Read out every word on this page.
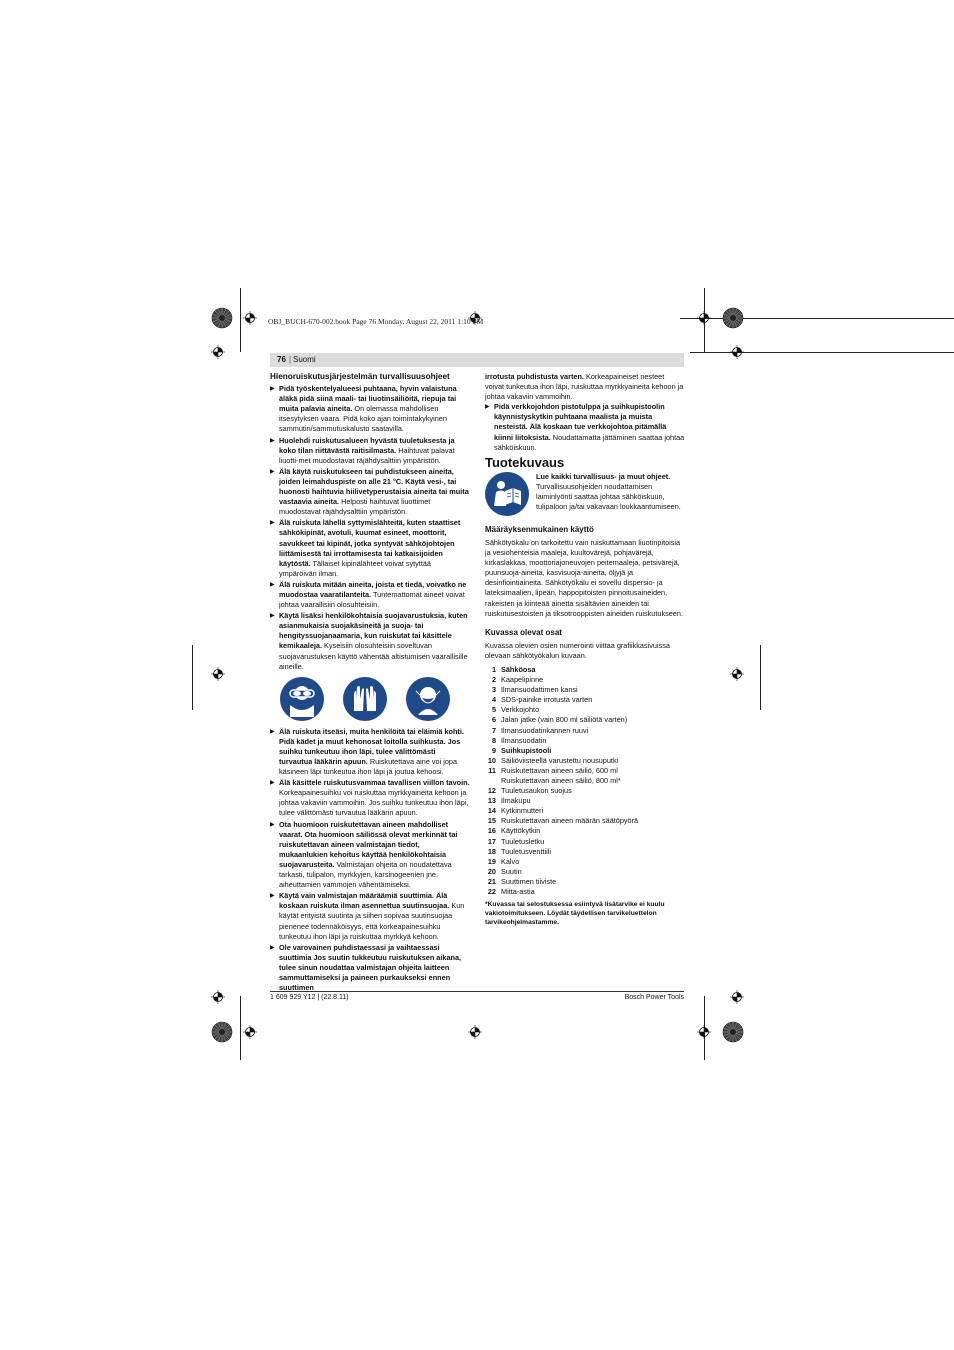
OBJ_BUCH-670-002.book Page 76 Monday, August 22, 2011 1:10 PM
76 | Suomi
Hienoruiskutusjärjestelmän turvallisuusohjeet
▶ Pidä työskentelyalueesi puhtaana, hyvin valaistuna äläkä pidä siinä maali- tai liuotinsäiliöitä, riepuja tai muita palavia aineita. On olemassa mahdollisen itsesytyksen vaara. Pidä koko ajan toimintakykyinen sammutin/sammutuskalusto saatavilla.
▶ Huolehdi ruiskutusalueen hyvästä tuuletuksesta ja koko tilan riittävästä raitisilmasta. Haihtuvat palavat liuotti-met muodostavat räjähdysalttiin ympäristön.
▶ Älä käytä ruiskutukseen tai puhdistukseen aineita, joiden leimahduspiste on alle 21 °C. Käytä vesi-, tai huonosti haihtuvia hiilivetyperustaisia aineita tai muita vastaavia aineita. Helposti haihtuvat liuottimet muodostavat räjähdysalttiin ympäristön.
▶ Älä ruiskuta lähellä syttymislähteitä, kuten staattiset sähkökipinät, avotuli, kuumat esineet, moottorit, savukkeet tai kipinät, jotka syntyvät sähköjohtojen liittämisestä tai irrottamisesta tai katkaisijoiden käytöstä. Tällaiset kipinälähteet voivat sytyttää ympäröivän ilman.
▶ Älä ruiskuta mitään aineita, joista et tiedä, voivatko ne muodostaa vaaratilanteita. Tuntemattomat aineet voivat johtaa vaarallisiin olosuhteisiin.
▶ Käytä lisäksi henkilökohtaisia suojavarustuksia, kuten asianmukaisia suojakäsineitä ja suoja- tai hengityssuojanaamaria, kun ruiskutat tai käsittele kemikaaleja. Kyseisiin olosuhteisiin soveltuvan suojavarustuksen käyttö vähentää altistumisen vaarallisille aineille.
▶ Älä ruiskuta itseäsi, muita henkilöitä tai eläimiä kohti. Pidä kädet ja muut kehonosat loitolla suihkusta. Jos suihku tunkeutuu ihon läpi, tulee välittömästi turvautua lääkärin apuun. Ruiskutettava aine voi jopa käsineen läpi tunkeutua ihon läpi ja joutua kehoosi.
▶ Älä käsittele ruiskutusvammaa tavallisen viillon tavoin. Korkeapainesuihku voi ruiskuttaa myrkkyaineita kehoon ja johtaa vakaviin vammoihin. Jos suihku tunkeutuu ihon läpi, tulee välittömästi turvautua lääkärin apuun.
▶ Ota huomioon ruiskutettavan aineen mahdolliset vaarat. Ota huomioon säiliössä olevat merkinnät tai ruiskutettavan aineen valmistajan tiedot, mukaanlukien kehoitus käyttää henkilökohtaisia suojavarusteita. Valmistajan ohjeita on noudatettava tarkasti, tulipalon, myrkkyjen, karsinogeenien jne. aiheuttamien vammojen vähentämiseksi.
▶ Käytä vain valmistajan määräämiä suuttimia. Älä koskaan ruiskuta ilman asennettua suutinsuojaa. Kun käytät erityistä suutinta ja siihen sopivaa suutinsuojaa pienenee todennäköisyys, että korkeapainesuihku tunkeutuu ihon läpi ja ruiskuttaa myrkkyä kehoon.
▶ Ole varovainen puhdistaessasi ja vaihtaessasi suuttimia Jos suutin tukkeutuu ruiskutuksen aikana, tulee sinun noudattaa valmistajan ohjeita laitteen sammuttamiseksi ja paineen purkaukseksi ennen suuttimen
irrotusta puhdistusta varten. Korkeapaineiset nesteet voivat tunkeutua ihon läpi, ruiskuttaa myrkkyaineita kehoon ja johtaa vakaviin vammoihin.
▶ Pidä verkkojohdon pistotulppa ja suihkupistoolin käynnistyskytkin puhtaana maalista ja muista nesteistä. Älä koskaan tue verkkojohtoa pitämällä kiinni liitoksista. Noudattamatta jättäminen saattaa johtaa sähköiskuun.
Tuotekuvaus
Lue kaikki turvallisuus- ja muut ohjeet. Turvallisuusohjeiden noudattamisen laiminlyönti saattaa johtaa sähköiskuun, tulipaloon ja/tai vakavaan loukkaantumiseen.
Määräyksenmukainen käyttö
Sähkötyökalu on tarkoitettu vain ruiskuttamaan liuotinpitoisia ja vesiohenteisia maaleja, kuultovärejä, pohjavärejä, kirkaslakkaa, moottoriajoneuvojen peitemaaleja, petsivärejä, puunsuoja-aineita, kasvisuoja-aineita, öljyjä ja desinfiointiaineita. Sähkötyökalu ei sovellu dispersio- ja lateksimaalien, lipeän, happopitoisten pinnoitusaineiden, rakeisten ja kiinteää ainetta sisältävien aineiden tai ruiskutusestoisten ja tiksotrooppisten aineiden ruiskutukseen.
Kuvassa olevat osat
Kuvassa olevien osien numerointi viittaa grafiikkasivuissa olevaan sähkötyökalun kuvaan.
1 Sähköosa
2 Kaapelipinne
3 Ilmansuodattimen kansi
4 SDS-painike irrotusta varten
5 Verkkojohto
6 Jalan jatke (vain 800 ml säiliötä varten)
7 Ilmansuodatinkannen ruuvi
8 Ilmansuodatin
9 Suihkupistooli
10 Säiliöviisteellä varustettu nousuputki
11 Ruiskutettavan aineen säiliö, 600 ml
Ruiskutettavan aineen säiliö, 800 ml*
12 Tuuletusaukon suojus
13 Ilmakupu
14 Kytkinmutteri
15 Ruiskutettavan aineen määrän säätöpyörä
16 Käyttökytkin
17 Tuuletusletku
18 Tuuletusventtiili
19 Kalvo
20 Suutin
21 Suuttimen tiiviste
22 Mitta-astia
*Kuvassa tai selostuksessa esiintyvä lisätarvike ei kuulu vakiotoimitukseen. Löydät täydellisen tarvikeluettelon tarvikeohjelmastamme.
1 609 929 Y12 | (22.8.11)	Bosch Power Tools
